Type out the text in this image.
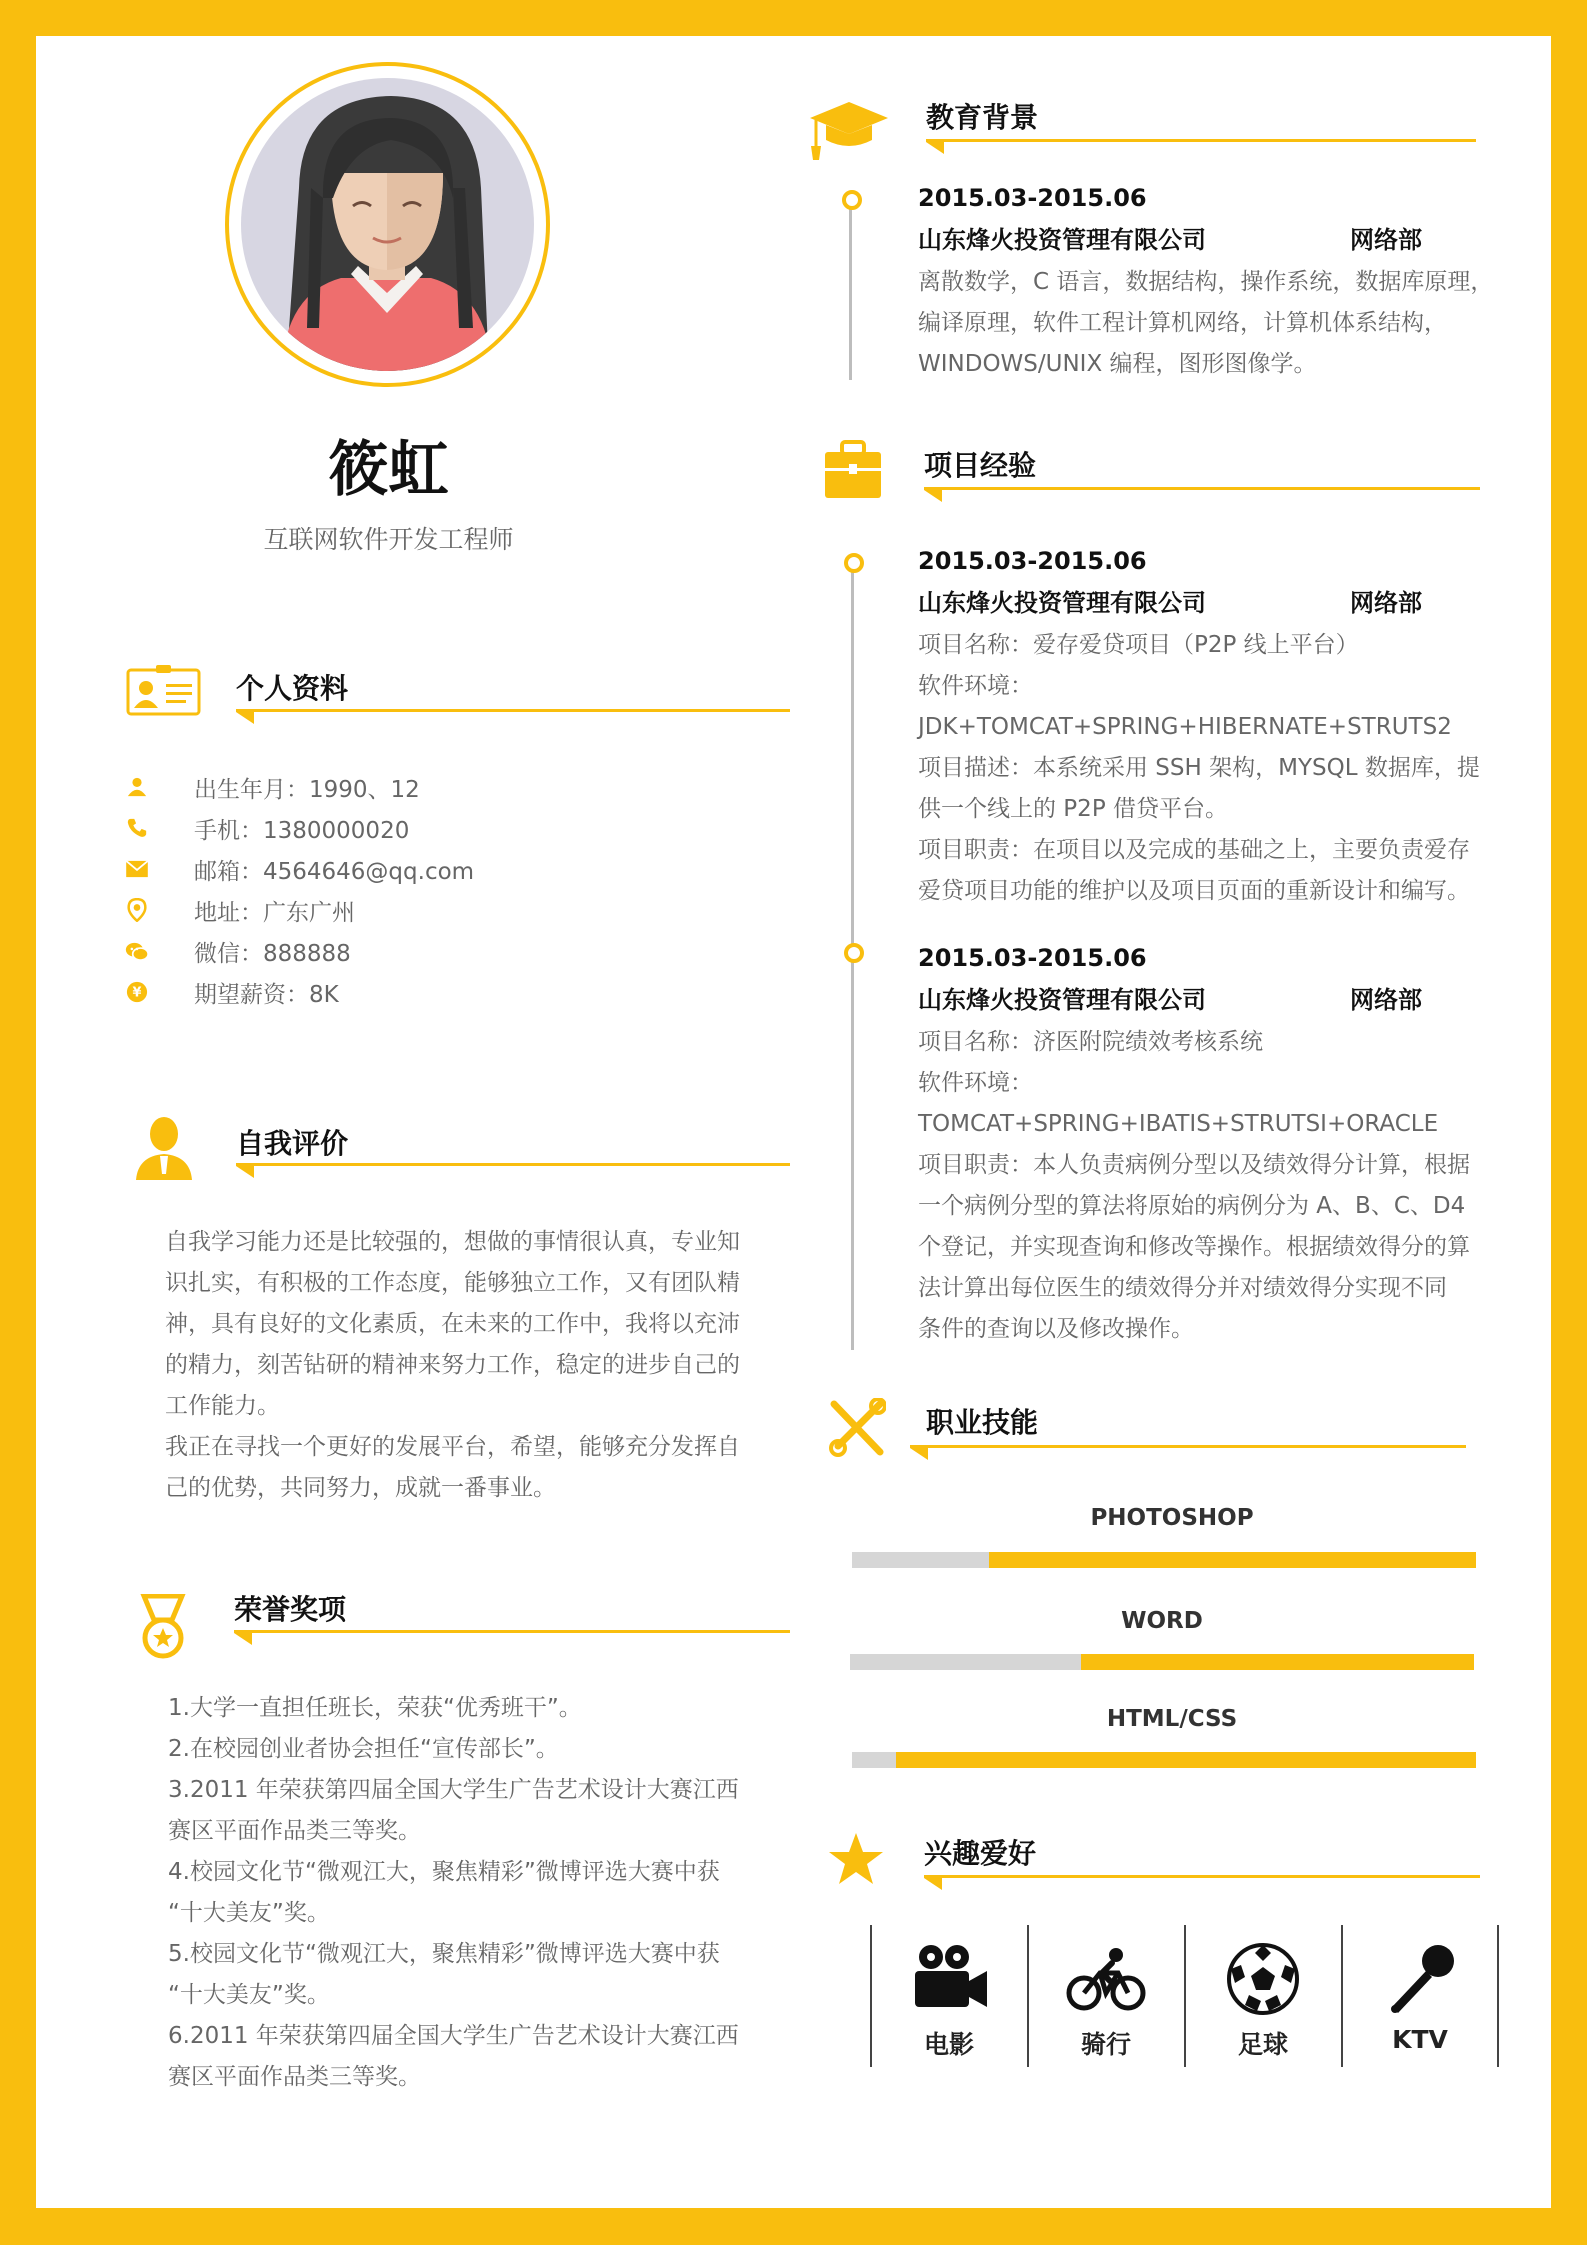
筱虹
互联网软件开发工程师
个人资料
出生年月：1990、12
手机：1380000020
邮箱：4564646@qq.com
地址：广东广州
微信：888888
¥ 期望薪资：8K
自我评价

自我学习能力还是比较强的，想做的事情很认真，专业知

识扎实，有积极的工作态度，能够独立工作，又有团队精

神，具有良好的文化素质，在未来的工作中，我将以充沛

的精力，刻苦钻研的精神来努力工作，稳定的进步自己的

工作能力。

我正在寻找一个更好的发展平台，希望，能够充分发挥自

己的优势，共同努力，成就一番事业。

荣誉奖项

1.大学一直担任班长，荣获“优秀班干”。

2.在校园创业者协会担任“宣传部长”。

3.2011 年荣获第四届全国大学生广告艺术设计大赛江西

赛区平面作品类三等奖。

4.校园文化节“微观江大，聚焦精彩”微博评选大赛中获

“十大美友”奖。

5.校园文化节“微观江大，聚焦精彩”微博评选大赛中获

“十大美友”奖。

6.2011 年荣获第四届全国大学生广告艺术设计大赛江西

赛区平面作品类三等奖。

教育背景
2015.03-2015.06
山东烽火投资管理有限公司	网络部

离散数学，C 语言，数据结构，操作系统，数据库原理，

编译原理，软件工程计算机网络，计算机体系结构，

WINDOWS/UNIX 编程，图形图像学。

项目经验
2015.03-2015.06
山东烽火投资管理有限公司	网络部

项目名称：爱存爱贷项目（P2P 线上平台）

软件环境：

JDK+TOMCAT+SPRING+HIBERNATE+STRUTS2

项目描述：本系统采用 SSH 架构，MYSQL 数据库，提

供一个线上的 P2P 借贷平台。

项目职责：在项目以及完成的基础之上，主要负责爱存

爱贷项目功能的维护以及项目页面的重新设计和编写。

2015.03-2015.06
山东烽火投资管理有限公司	网络部

项目名称：济医附院绩效考核系统

软件环境：

TOMCAT+SPRING+IBATIS+STRUTSI+ORACLE

项目职责：本人负责病例分型以及绩效得分计算，根据

一个病例分型的算法将原始的病例分为 A、B、C、D4

个登记，并实现查询和修改等操作。根据绩效得分的算

法计算出每位医生的绩效得分并对绩效得分实现不同

条件的查询以及修改操作。

职业技能
PHOTOSHOP
WORD
HTML/CSS
兴趣爱好
电影	骑行	足球	KTV
